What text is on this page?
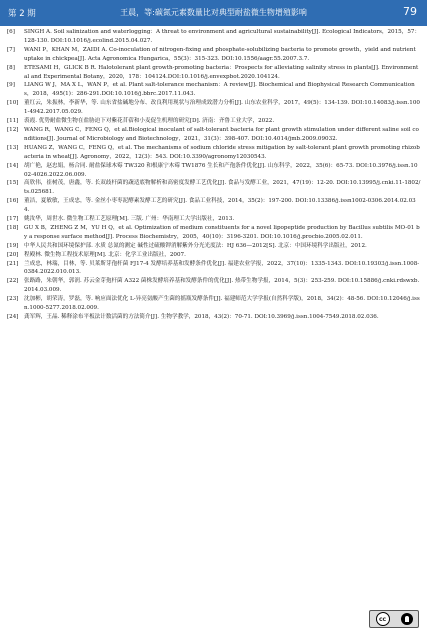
第 2 期	王晨，等:碳氮元素数量比对典型耐盐微生物增殖影响	79

[6] SINGH A. Soil salinization and waterlogging：A threat to environment and agricultural sustainability[J]. Ecological Indicators，2015，57：128-130. DOI:10.1016/j.ecolind.2015.04.027.

[7] WANI P，KHAN M，ZAIDI A. Co-inoculation of nitrogen-fixing and phosphate-solubilizing bacteria to promote growth，yield and nutrient uptake in chickpea[J]. Acta Agronomica Hungarica，55(3)：315-323. DOI:10.1556/aagr.55.2007.3.7.

[8] ETESAMI H，GLICK B R. Halotolerant plant growth-promoting bacteria：Prospects for alleviating salinity stress in plants[J]. Environmental and Experimental Botany，2020，178：104124.DOI:10.1016/j.envexpbot.2020.104124.

[9] LIANG W J，MA X L，WAN P，et al. Plant salt-tolerance mechanism：A review[J]. Biochemical and Biophysical Research Communications，2018，495(1)：286-291.DOI:10.1016/j.bbrc.2017.11.043.

[10] 董红云，朱振林，李新华，等. 山东省盐碱地分布、改良利用现状与治理成效潜力分析[J]. 山东农业科学，2017，49(5)：134-139. DOI:10.14083/j.issn.1001-4942.2017.05.029.

[11] 裘霞. 优势耐盐微生物在盐胁迫下对紫花苜蓿和小麦促生机理的研究[D]. 济南：齐鲁工业大学，2022.

[12] WANG R，WANG C，FENG Q，et al.Biological inoculant of salt-tolerant bacteria for plant growth stimulation under different saline soil conditions[J]. Journal of Microbiology and Biotechnology，2021，31(3)：398-407. DOI:10.4014/jmb.2009.09032.

[13] HUANG Z，WANG C，FENG Q，et al. The mechanisms of sodium chloride stress mitigation by salt-tolerant plant growth promoting rhizobacteria in wheat[J]. Agronomy，2022，12(3)：543. DOI:10.3390/agronomy12030543.

[14] 胡广艳，赵忠娟，杨合同. 耐盐保球木霉 TW320 和根康宁木霉 TW1876 生长和产孢条件优化[J]. 山东科学，2022，35(6)：65-73. DOI:10.3976/j.issn.1002-4026.2022.06.009.

[15] 高欣伟，崔树茂，唐鑫，等. 长双歧杆菌的蔬适底物解析和高密度发酵工艺优化[J]. 食品与发酵工业，2021，47(19)：12-20. DOI:10.13995/j.cnki.11-1802/ts.025681.

[16] 董洁，夏敏敏，王成忠，等. 金丝小枣枣泥酵素发酵工艺的研究[J]. 食品工业科技，2014，35(2)：197-200. DOI:10.13386/j.issn1002-0306.2014.02.034.

[17] 姚汝华，周世水. 微生物工程工艺原理[M]. 三版. 广州：华南理工大学出版社，2013.

[18] GU X B，ZHENG Z M，YU H Q，et al. Optimization of medium constituents for a novel lipopeptide production by Bacillus subtilis MO-01 by a response surface method[J]. Process Biochemistry，2005，40(10)：3196-3201. DOI:10.1016/j.procbio.2005.02.011.

[19] 中华人民共和国环境保护部. 水质 总氮的测定 碱性过硫酸钾消解紫外分光光度法：HJ 636—2012[S]. 北京：中国环境科学出版社，2012.

[20] 程殿林. 微生物工程技术原理[M]. 北京：化学工业出版社，2007.

[21] 兰成忠，林瑞，目林，等. 贝莱斯芽孢杆菌 FJ17-4 发酵培养基和发酵条件优化[J]. 福建农业学报，2022，37(10)：1335-1343. DOI:10.19303/j.issn.1008-0384.2022.010.013.

[22] 张路路，朱朝华，郭润. 苏云金芽孢杆菌 A322 菌株发酵培养基和发酵条件的优化[J]. 热带生物学报，2014，5(3)：253-259. DOI:10.15886/j.cnki.rdswxb.2014.03.009.

[23] 沈加彬，胡荣涛，罗磊，等. 响应面法优化 L-异亮氨酸产生菌的摇瓶发酵条件[J]. 福建师范大学学报(自然科学版)，2018，34(2)：48-56. DOI:10.12046/j.issn.1000-5277.2018.02.009.

[24] 龚军辉，王晶. 稀释涂布平板法计数活菌的方法简介[J]. 生物学教学，2018，43(2)：70-71. DOI:10.3969/j.issn.1004-7549.2018.02.036.

cc
